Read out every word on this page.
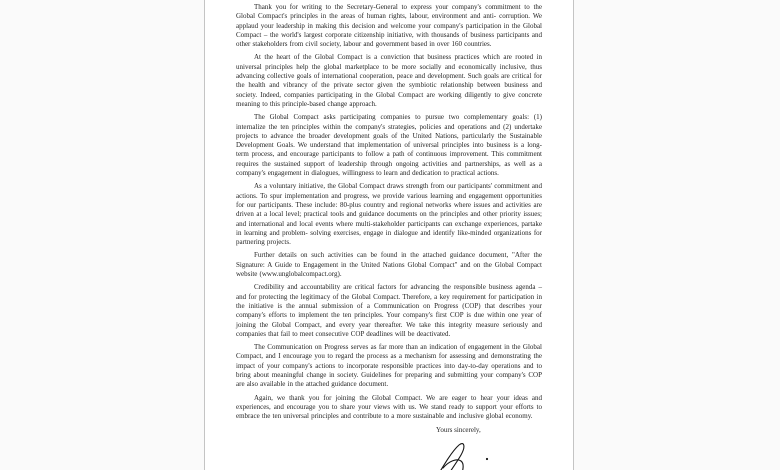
Thank you for writing to the Secretary-General to express your company's commitment to the Global Compact's principles in the areas of human rights, labour, environment and anti- corruption. We applaud your leadership in making this decision and welcome your company's participation in the Global Compact – the world's largest corporate citizenship initiative, with thousands of business participants and other stakeholders from civil society, labour and government based in over 160 countries.

At the heart of the Global Compact is a conviction that business practices which are rooted in universal principles help the global marketplace to be more socially and economically inclusive, thus advancing collective goals of international cooperation, peace and development. Such goals are critical for the health and vibrancy of the private sector given the symbiotic relationship between business and society. Indeed, companies participating in the Global Compact are working diligently to give concrete meaning to this principle-based change approach.

The Global Compact asks participating companies to pursue two complementary goals: (1) internalize the ten principles within the company's strategies, policies and operations and (2) undertake projects to advance the broader development goals of the United Nations, particularly the Sustainable Development Goals. We understand that implementation of universal principles into business is a long-term process, and encourage participants to follow a path of continuous improvement. This commitment requires the sustained support of leadership through ongoing activities and partnerships, as well as a company's engagement in dialogues, willingness to learn and dedication to practical actions.

As a voluntary initiative, the Global Compact draws strength from our participants' commitment and actions. To spur implementation and progress, we provide various learning and engagement opportunities for our participants. These include: 80-plus country and regional networks where issues and activities are driven at a local level; practical tools and guidance documents on the principles and other priority issues; and international and local events where multi-stakeholder participants can exchange experiences, partake in learning and problem- solving exercises, engage in dialogue and identify like-minded organizations for partnering projects.

Further details on such activities can be found in the attached guidance document, "After the Signature: A Guide to Engagement in the United Nations Global Compact" and on the Global Compact website (www.unglobalcompact.org).

Credibility and accountability are critical factors for advancing the responsible business agenda – and for protecting the legitimacy of the Global Compact. Therefore, a key requirement for participation in the initiative is the annual submission of a Communication on Progress (COP) that describes your company's efforts to implement the ten principles. Your company's first COP is due within one year of joining the Global Compact, and every year thereafter. We take this integrity measure seriously and companies that fail to meet consecutive COP deadlines will be deactivated.

The Communication on Progress serves as far more than an indication of engagement in the Global Compact, and I encourage you to regard the process as a mechanism for assessing and demonstrating the impact of your company's actions to incorporate responsible practices into day-to-day operations and to bring about meaningful change in society. Guidelines for preparing and submitting your company's COP are also available in the attached guidance document.

Again, we thank you for joining the Global Compact. We are eager to hear your ideas and experiences, and encourage you to share your views with us. We stand ready to support your efforts to embrace the ten universal principles and contribute to a more sustainable and inclusive global economy.

Yours sincerely,
